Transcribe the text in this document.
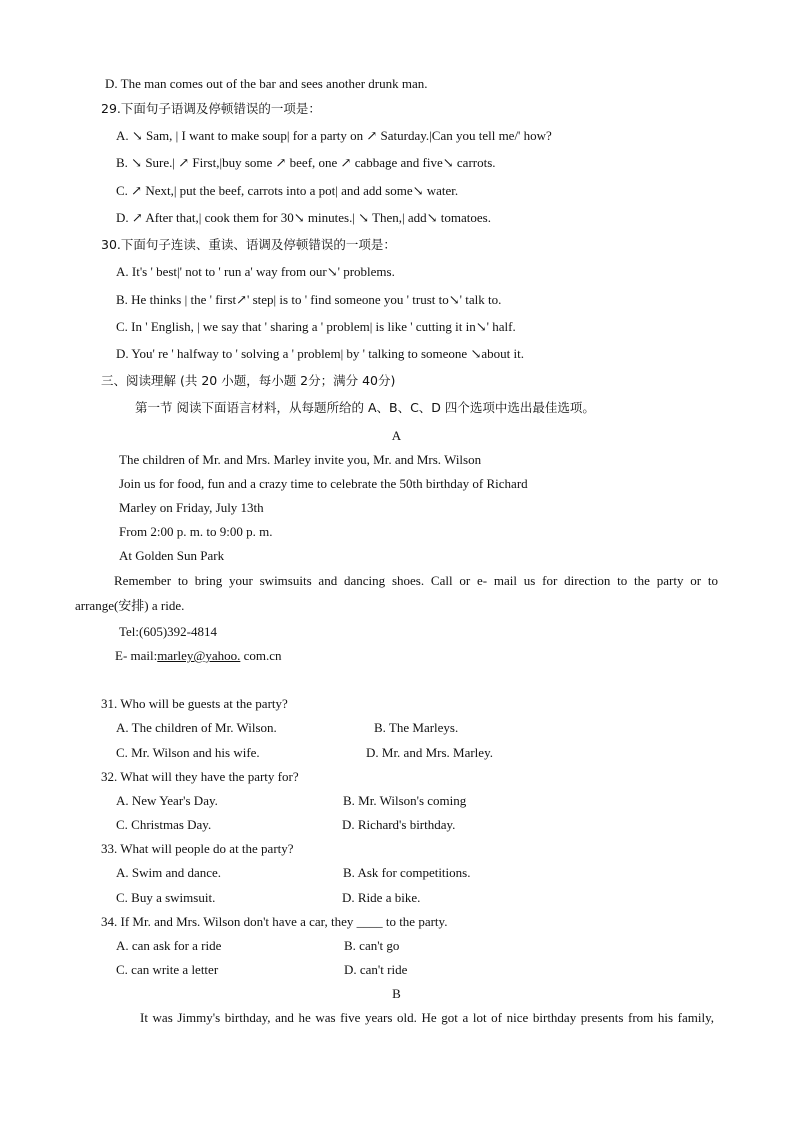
D. The man comes out of the bar and sees another drunk man.
29.下面句子语调及停顿错误的一项是：
A. ↘ Sam, | I want to make soup| for a party on ↗ Saturday.|Can you tell me/' how?
B. ↘ Sure.| ↗ First,|buy some ↗ beef, one ↗ cabbage and five↘ carrots.
C. ↗ Next,| put the beef, carrots into a pot| and add some↘ water.
D. ↗ After that,| cook them for 30↘ minutes.| ↘ Then,| add↘ tomatoes.
30.下面句子连读、重读、语调及停顿错误的一项是：
A. It's ' best|' not to ' run a' way from our↘' problems.
B. He thinks | the ' first↗' step| is to ' find someone you ' trust to↘' talk to.
C. In ' English, | we say that ' sharing a ' problem| is like ' cutting it in↘' half.
D. You' re ' halfway to ' solving a ' problem| by ' talking to someone ↘about it.
三、阅读理解 (共 20 小题，每小题 2分；满分 40分)
第一节 阅读下面语言材料，从每题所给的 A、B、C、D 四个选项中选出最佳选项。
A
The children of Mr. and Mrs. Marley invite you, Mr. and Mrs. Wilson
Join us for food, fun and a crazy time to celebrate the 50th birthday of Richard
Marley on Friday, July 13th
From 2:00 p. m. to 9:00 p. m.
At Golden Sun Park
Remember to bring your swimsuits and dancing shoes. Call or e- mail us for direction to the party or to
arrange(安排) a ride.
Tel:(605)392-4814
E- mail:marley@yahoo. com.cn
31. Who will be guests at the party?
A. The children of Mr. Wilson.	B. The Marleys.
C. Mr. Wilson and his wife.	D. Mr. and Mrs. Marley.
32. What will they have the party for?
A. New Year's Day.	B. Mr. Wilson's coming
C. Christmas Day.	D. Richard's birthday.
33. What will people do at the party?
A. Swim and dance.	B. Ask for competitions.
C. Buy a swimsuit.	D. Ride a bike.
34. If Mr. and Mrs. Wilson don't have a car, they ____ to the party.
A. can ask for a ride	B. can't go
C. can write a letter	D. can't ride
B
It was Jimmy's birthday, and he was five years old. He got a lot of nice birthday presents from his family,
